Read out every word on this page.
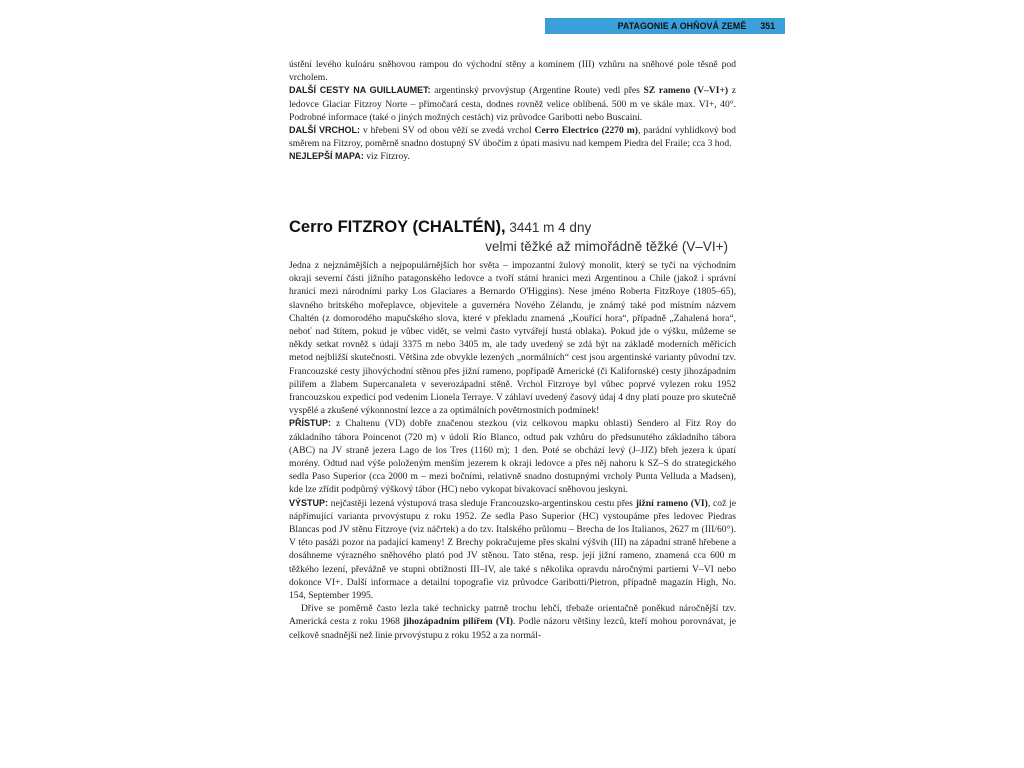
PATAGONIE A OHŇOVÁ ZEMĚ 351

ústění levého kuloáru sněhovou rampou do východní stěny a komínem (III) vzhůru na sněhové pole těsně pod vrcholem.

DALŠÍ CESTY NA GUILLAUMET: argentinský prvovýstup (Argentine Route) vedl přes SZ rameno (V–VI+) z ledovce Glaciar Fitzroy Norte – přímočará cesta, dodnes rovněž velice oblíbená. 500 m ve skále max. VI+, 40°. Podrobné informace (také o jiných možných cestách) viz průvodce Garibotti nebo Buscaini.

DALŠÍ VRCHOL: v hřebeni SV od obou věží se zvedá vrchol Cerro Electrico (2270 m), parádní vyhlídkový bod směrem na Fitzroy, poměrně snadno dostupný SV úbočím z úpatí masivu nad kempem Piedra del Fraile; cca 3 hod.

NEJLEPŠÍ MAPA: viz Fitzroy.

Cerro FITZROY (CHALTÉN), 3441 m 4 dny
velmi těžké až mimořádně těžké (V–VI+)

Jedna z nejznámějších a nejpopulárnějších hor světa – impozantní žulový monolit, který se tyčí na východním okraji severní části jižního patagonského ledovce a tvoří státní hranici mezi Argentinou a Chile (jakož i správní hranicí mezi národními parky Los Glaciares a Bernardo O'Higgins). Nese jméno Roberta FitzRoye (1805–65), slavného britského mořeplavce, objevitele a guvernéra Nového Zélandu, je známý také pod místním názvem Chaltén (z domorodého mapučského slova, které v překladu znamená „Kouřící hora“, případně „Zahalená hora“, neboť nad štítem, pokud je vůbec vidět, se velmi často vytvářejí hustá oblaka). Pokud jde o výšku, můžeme se někdy setkat rovněž s údaji 3375 m nebo 3405 m, ale tady uvedený se zdá být na základě moderních měřicích metod nejbližší skutečnosti. Většina zde obvykle lezených „normálních“ cest jsou argentinské varianty původní tzv. Francouzské cesty jihovýchodní stěnou přes jižní rameno, popřípadě Americké (či Kalifornské) cesty jihozápadním pilířem a žlabem Supercanaleta v severozápadní stěně. Vrchol Fitzroye byl vůbec poprvé vylezen roku 1952 francouzskou expedicí pod vedením Lionela Terraye. V záhlaví uvedený časový údaj 4 dny platí pouze pro skutečně vyspělé a zkušené výkonnostní lezce a za optimálních povětrnostních podmínek!

PŘÍSTUP: z Chaltenu (VD) dobře značenou stezkou (viz celkovou mapku oblasti) Sendero al Fitz Roy do základního tábora Poincenot (720 m) v údolí Río Blanco, odtud pak vzhůru do předsunutého základního tábora (ABC) na JV straně jezera Lago de los Tres (1160 m); 1 den. Poté se obchází levý (J–JJZ) břeh jezera k úpatí morény. Odtud nad výše položeným menším jezerem k okraji ledovce a přes něj nahoru k SZ–S do strategického sedla Paso Superior (cca 2000 m – mezi bočními, relativně snadno dostupnými vrcholy Punta Velluda a Madsen), kde lze zřídit podpůrný výškový tábor (HC) nebo vykopat bivakovací sněhovou jeskyni.

VÝSTUP: nejčastěji lezená výstupová trasa sleduje Francouzsko-argentinskou cestu přes jižní rameno (VI), což je nápřímující varianta prvovýstupu z roku 1952. Ze sedla Paso Superior (HC) vystoupáme přes ledovec Piedras Blancas pod JV stěnu Fitzroye (viz náčrtek) a do tzv. Italského průlomu – Brecha de los Italianos, 2627 m (III/60°). V této pasáži pozor na padající kameny! Z Brechy pokračujeme přes skalní výšvih (III) na západní straně hřebene a dosáhneme výrazného sněhového plató pod JV stěnou. Tato stěna, resp. její jižní rameno, znamená cca 600 m těžkého lezení, převážně ve stupni obtížnosti III–IV, ale také s několika opravdu náročnými partiemi V–VI nebo dokonce VI+. Další informace a detailní topografie viz průvodce Garibotti/Pietron, případně magazín High, No. 154, September 1995.

Dříve se poměrně často lezla také technicky patrně trochu lehčí, třebaže orientačně poněkud náročnější tzv. Americká cesta z roku 1968 jihozápadním pilířem (VI). Podle názoru většiny lezců, kteří mohou porovnávat, je celkově snadnější než linie prvovýstupu z roku 1952 a za normál-
